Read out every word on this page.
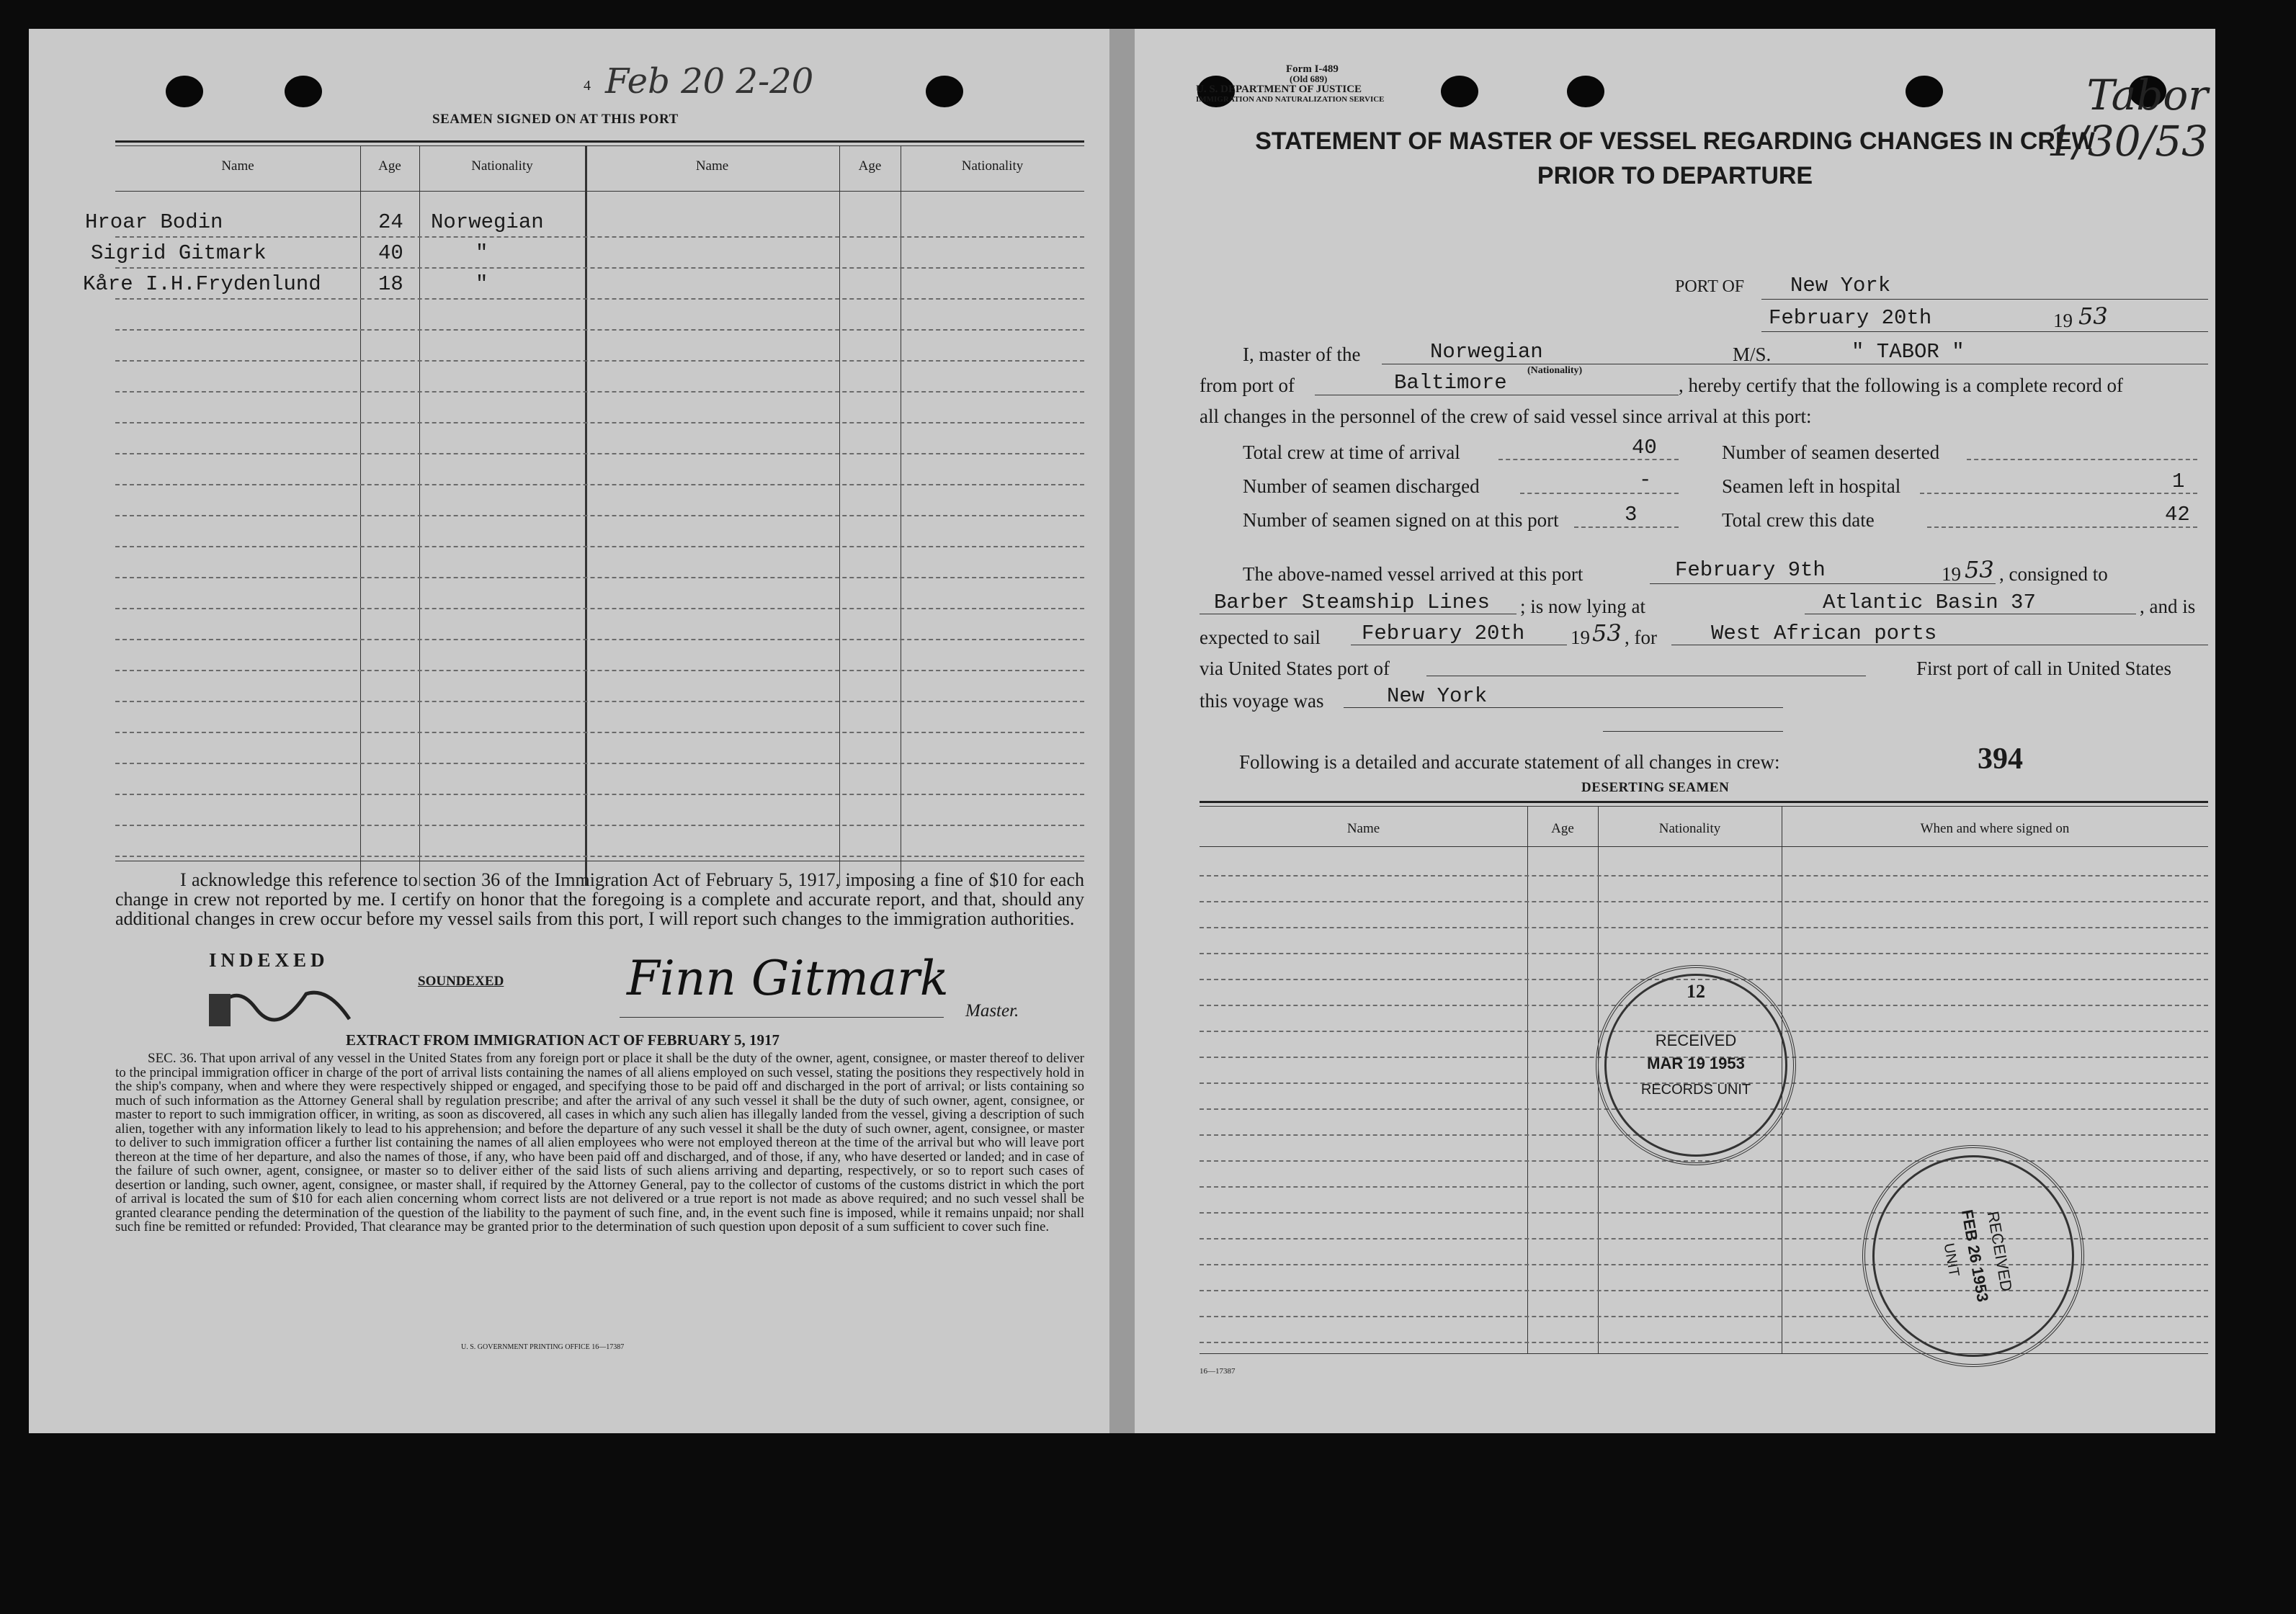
4 Feb 20 2-20
SEAMEN SIGNED ON AT THIS PORT
Name	Age	Nationality	Name	Age	Nationality
Hroar Bodin	24 Norwegian
Sigrid Gitmark	40	"
Kåre I.H.Frydenlund	18	"
I acknowledge this reference to section 36 of the Immigration Act of February 5, 1917, imposing a fine of $10 for each change in crew not reported by me. I certify on honor that the foregoing is a complete and accurate report, and that, should any additional changes in crew occur before my vessel sails from this port, I will report such changes to the immigration authorities.
INDEXED
SOUNDEXED	Finn Gitmark
Master.
EXTRACT FROM IMMIGRATION ACT OF FEBRUARY 5, 1917
SEC. 36. That upon arrival of any vessel in the United States from any foreign port or place it shall be the duty of the owner, agent, consignee, or master thereof to deliver to the principal immigration officer in charge of the port of arrival lists containing the names of all aliens employed on such vessel, stating the positions they respectively hold in the ship's company, when and where they were respectively shipped or engaged, and specifying those to be paid off and discharged in the port of arrival; or lists containing so much of such information as the Attorney General shall by regulation prescribe; and after the arrival of any such vessel it shall be the duty of such owner, agent, consignee, or master to report to such immigration officer, in writing, as soon as discovered, all cases in which any such alien has illegally landed from the vessel, giving a description of such alien, together with any information likely to lead to his apprehension; and before the departure of any such vessel it shall be the duty of such owner, agent, consignee, or master to deliver to such immigration officer a further list containing the names of all alien employees who were not employed thereon at the time of the arrival but who will leave port thereon at the time of her departure, and also the names of those, if any, who have been paid off and discharged, and of those, if any, who have deserted or landed; and in case of the failure of such owner, agent, consignee, or master so to deliver either of the said lists of such aliens arriving and departing, respectively, or so to report such cases of desertion or landing, such owner, agent, consignee, or master shall, if required by the Attorney General, pay to the collector of customs of the customs district in which the port of arrival is located the sum of $10 for each alien concerning whom correct lists are not delivered or a true report is not made as above required; and no such vessel shall be granted clearance pending the determination of the question of the liability to the payment of such fine, and, in the event such fine is imposed, while it remains unpaid; nor shall such fine be remitted or refunded: Provided, That clearance may be granted prior to the determination of such question upon deposit of a sum sufficient to cover such fine.
U. S. GOVERNMENT PRINTING OFFICE 16—17387
Form I-489
(Old 689)
U. S. DEPARTMENT OF JUSTICE
IMMIGRATION AND NATURALIZATION SERVICE	Tabor 1/30/53
STATEMENT OF MASTER OF VESSEL REGARDING CHANGES IN CREW
PRIOR TO DEPARTURE
PORT OF New York
February 20th	19 53
I, master of the	Norwegian
(Nationality)
M/S.	" TABOR "
from port of	Baltimore	, hereby certify that the following is a complete record of
all changes in the personnel of the crew of said vessel since arrival at this port:
Total crew at time of arrival	40	Number of seamen deserted
Number of seamen discharged	-	Seamen left in hospital	1
Number of seamen signed on at this port	3	Total crew this date	42
The above-named vessel arrived at this port	February 9th	19 53 , consigned to
Barber Steamship Lines ; is now lying at	Atlantic Basin 37	, and is
expected to sail February 20th 19 53 , for	West African ports
via United States port of	First port of call in United States
this voyage was	New York
Following is a detailed and accurate statement of all changes in crew:	394
DESERTING SEAMEN
Name	Age	Nationality	When and where signed on
12
RECEIVED
MAR 19 1953
RECORDS UNIT
RECEIVED
FEB 26 1953
UNIT
16—17387
